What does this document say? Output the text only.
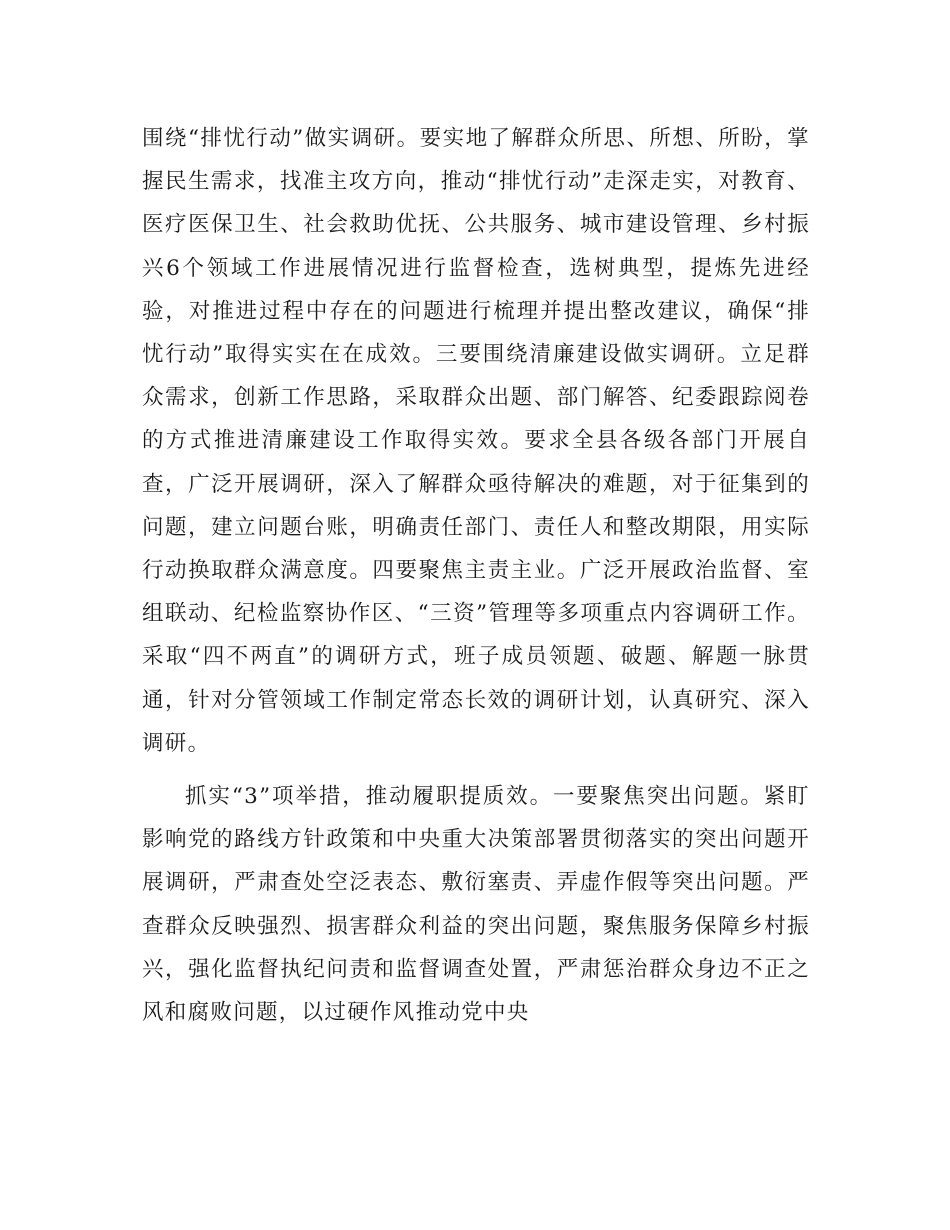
围绕“排忧行动”做实调研。要实地了解群众所思、所想、所盼，掌握民生需求，找准主攻方向，推动“排忧行动”走深走实，对教育、医疗医保卫生、社会救助优抚、公共服务、城市建设管理、乡村振兴6个领域工作进展情况进行监督检查，选树典型，提炼先进经验，对推进过程中存在的问题进行梳理并提出整改建议，确保“排忧行动”取得实实在在成效。三要围绕清廉建设做实调研。立足群众需求，创新工作思路，采取群众出题、部门解答、纪委跟踪阅卷的方式推进清廉建设工作取得实效。要求全县各级各部门开展自查，广泛开展调研，深入了解群众亟待解决的难题，对于征集到的问题，建立问题台账，明确责任部门、责任人和整改期限，用实际行动换取群众满意度。四要聚焦主责主业。广泛开展政治监督、室组联动、纪检监察协作区、“三资”管理等多项重点内容调研工作。采取“四不两直”的调研方式，班子成员领题、破题、解题一脉贯通，针对分管领域工作制定常态长效的调研计划，认真研究、深入调研。

抓实“3”项举措，推动履职提质效。一要聚焦突出问题。紧盯影响党的路线方针政策和中央重大决策部署贯彻落实的突出问题开展调研，严肃查处空泛表态、敷衍塞责、弄虚作假等突出问题。严查群众反映强烈、损害群众利益的突出问题，聚焦服务保障乡村振兴，强化监督执纪问责和监督调查处置，严肃惩治群众身边不正之风和腐败问题，以过硬作风推动党中央
